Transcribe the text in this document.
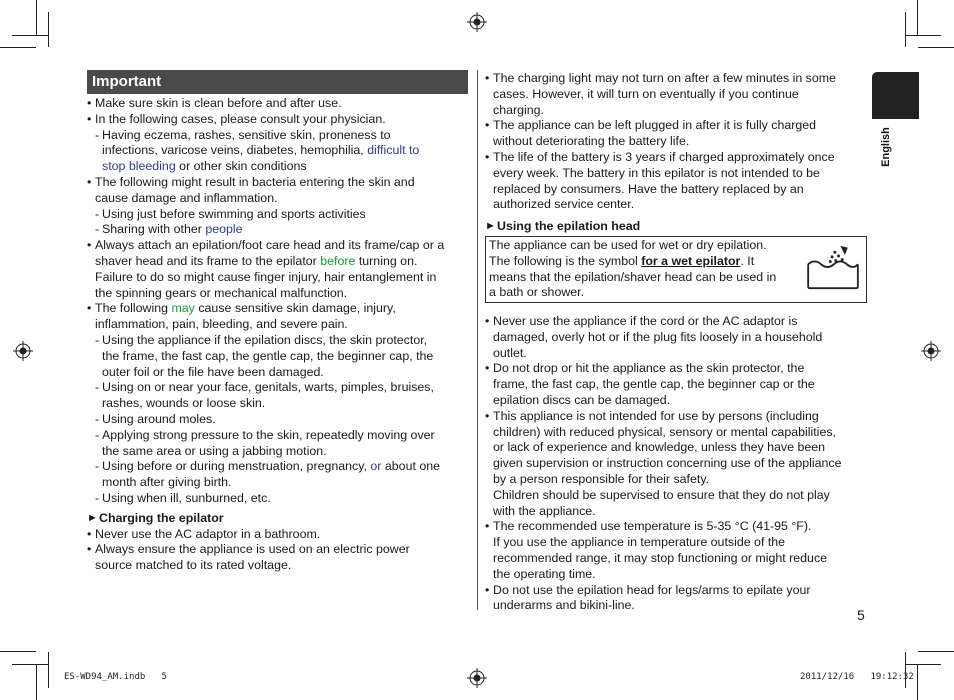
English
Important

• Make sure skin is clean before and after use.

• In the following cases, please consult your physician.

- Having eczema, rashes, sensitive skin, proneness to

infections, varicose veins, diabetes, hemophilia, difficult to

stop bleeding or other skin conditions

• The following might result in bacteria entering the skin and

cause damage and inflammation.

- Using just before swimming and sports activities

- Sharing with other people

• Always attach an epilation/foot care head and its frame/cap or a

shaver head and its frame to the epilator before turning on.

Failure to do so might cause finger injury, hair entanglement in

the spinning gears or mechanical malfunction.

• The following may cause sensitive skin damage, injury,

inflammation, pain, bleeding, and severe pain.

- Using the appliance if the epilation discs, the skin protector,

the frame, the fast cap, the gentle cap, the beginner cap, the

outer foil or the file have been damaged.

- Using on or near your face, genitals, warts, pimples, bruises,

rashes, wounds or loose skin.

- Using around moles.

- Applying strong pressure to the skin, repeatedly moving over

the same area or using a jabbing motion.

- Using before or during menstruation, pregnancy, or about one

month after giving birth.

- Using when ill, sunburned, etc.

► Charging the epilator

• Never use the AC adaptor in a bathroom.

• Always ensure the appliance is used on an electric power

source matched to its rated voltage.

• The charging light may not turn on after a few minutes in some

cases. However, it will turn on eventually if you continue

charging.

• The appliance can be left plugged in after it is fully charged

without deteriorating the battery life.

• The life of the battery is 3 years if charged approximately once

every week. The battery in this epilator is not intended to be

replaced by consumers. Have the battery replaced by an

authorized service center.

► Using the epilation head

The appliance can be used for wet or dry epilation.

The following is the symbol for a wet epilator. It

means that the epilation/shaver head can be used in

a bath or shower.

• Never use the appliance if the cord or the AC adaptor is

damaged, overly hot or if the plug fits loosely in a household

outlet.

• Do not drop or hit the appliance as the skin protector, the

frame, the fast cap, the gentle cap, the beginner cap or the

epilation discs can be damaged.

• This appliance is not intended for use by persons (including

children) with reduced physical, sensory or mental capabilities,

or lack of experience and knowledge, unless they have been

given supervision or instruction concerning use of the appliance

by a person responsible for their safety.

Children should be supervised to ensure that they do not play

with the appliance.

• The recommended use temperature is 5-35 °C (41-95 °F).

If you use the appliance in temperature outside of the

recommended range, it may stop functioning or might reduce

the operating time.

• Do not use the epilation head for legs/arms to epilate your

underarms and bikini-line.

5
ES-WD94_AM.indb   5	2011/12/16   19:12:32
